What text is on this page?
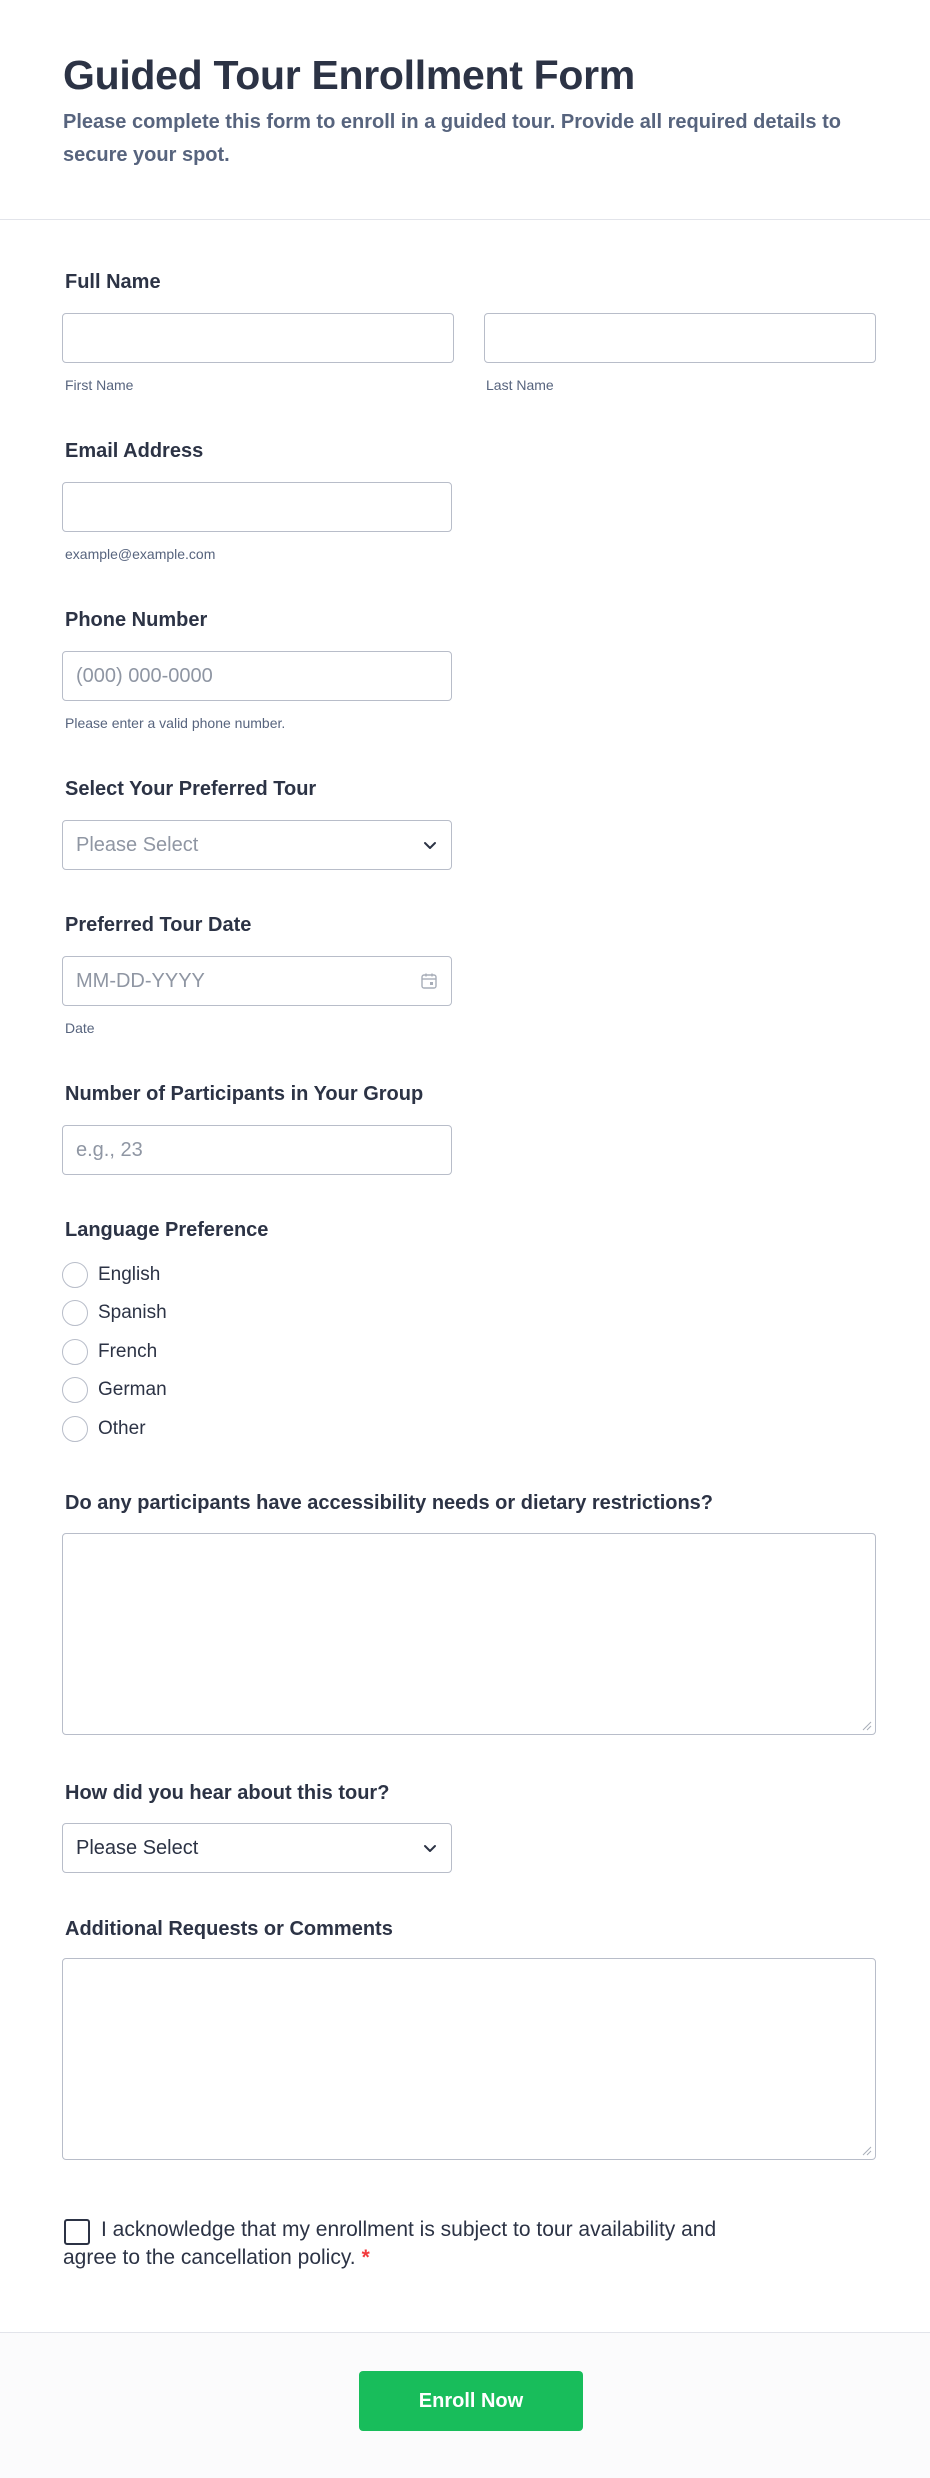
Guided Tour Enrollment Form
Please complete this form to enroll in a guided tour. Provide all required details to secure your spot.
Full Name
First Name	Last Name
Email Address
example@example.com
Phone Number
(000) 000-0000
Please enter a valid phone number.
Select Your Preferred Tour
Please Select
Preferred Tour Date
MM-DD-YYYY
Date
Number of Participants in Your Group
e.g., 23
Language Preference
English
Spanish
French
German
Other
Do any participants have accessibility needs or dietary restrictions?
How did you hear about this tour?
Please Select
Additional Requests or Comments
I acknowledge that my enrollment is subject to tour availability and agree to the cancellation policy. *
Enroll Now
